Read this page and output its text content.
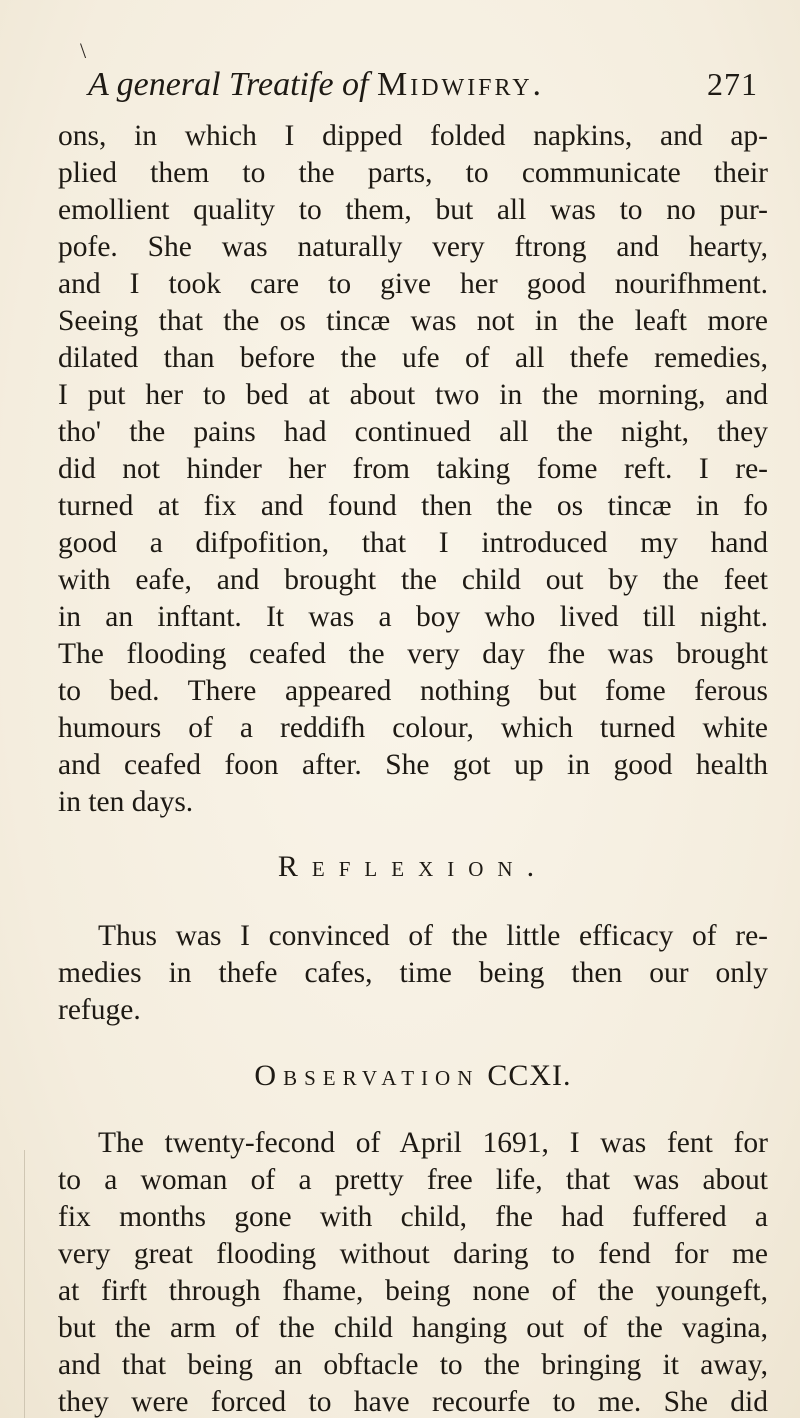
\
A general Treatife of Midwifry.	271
ons, in which I dipped folded napkins, and ap-
plied them to the parts, to communicate their
emollient quality to them, but all was to no pur-
pofe. She was naturally very ftrong and hearty,
and I took care to give her good nourifhment.
Seeing that the os tincæ was not in the leaft more
dilated than before the ufe of all thefe remedies,
I put her to bed at about two in the morning, and
tho' the pains had continued all the night, they
did not hinder her from taking fome reft. I re-
turned at fix and found then the os tincæ in fo
good a difpofition, that I introduced my hand
with eafe, and brought the child out by the feet
in an inftant. It was a boy who lived till night.
The flooding ceafed the very day fhe was brought
to bed. There appeared nothing but fome ferous
humours of a reddifh colour, which turned white
and ceafed foon after. She got up in good health
in ten days.
Reflexion.
Thus was I convinced of the little efficacy of re-
medies in thefe cafes, time being then our only
refuge.
Observation CCXI.
The twenty-fecond of April 1691, I was fent for
to a woman of a pretty free life, that was about
fix months gone with child, fhe had fuffered a
very great flooding without daring to fend for me
at firft through fhame, being none of the youngeft,
but the arm of the child hanging out of the vagina,
and that being an obftacle to the bringing it away,
they were forced to have recourfe to me. She did
